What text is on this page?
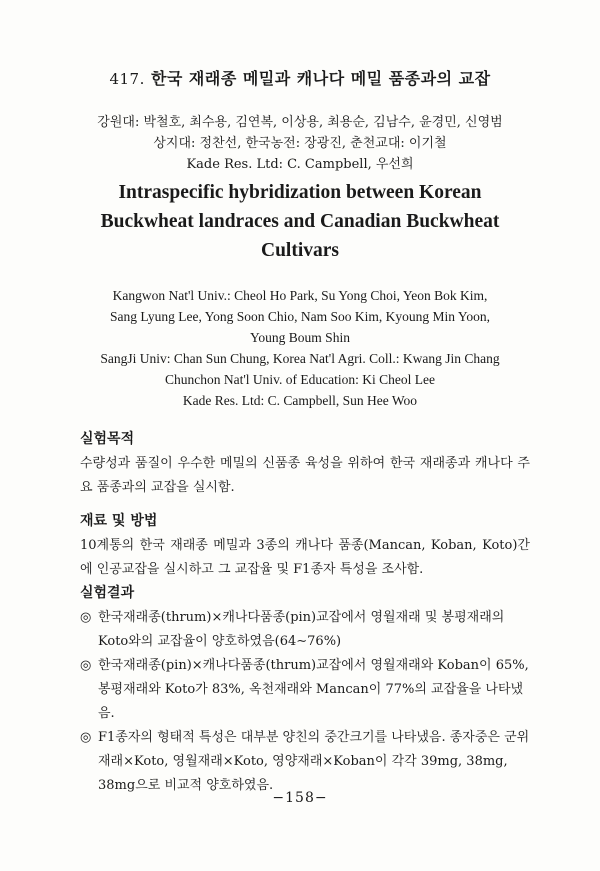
417. 한국 재래종 메밀과 캐나다 메밀 품종과의 교잡
강원대: 박철호, 최수용, 김연복, 이상용, 최용순, 김남수, 윤경민, 신영범
상지대: 정찬선, 한국농전: 장광진, 춘천교대: 이기철
Kade Res. Ltd: C. Campbell, 우선희
Intraspecific hybridization between Korean
Buckwheat landraces and Canadian Buckwheat
Cultivars
Kangwon Nat'l Univ.: Cheol Ho Park, Su Yong Choi, Yeon Bok Kim,
Sang Lyung Lee, Yong Soon Chio, Nam Soo Kim, Kyoung Min Yoon,
Young Boum Shin
SangJi Univ: Chan Sun Chung, Korea Nat'l Agri. Coll.: Kwang Jin Chang
Chunchon Nat'l Univ. of Education: Ki Cheol Lee
Kade Res. Ltd: C. Campbell, Sun Hee Woo
실험목적
수량성과 품질이 우수한 메밀의 신품종 육성을 위하여 한국 재래종과 캐나다 주요 품종과의 교잡을 실시함.
재료 및 방법
10계통의 한국 재래종 메밀과 3종의 캐나다 품종(Mancan, Koban, Koto)간에 인공교잡을 실시하고 그 교잡율 및 F1종자 특성을 조사함.
실험결과
◎ 한국재래종(thrum)×캐나다품종(pin)교잡에서 영월재래 및 봉평재래의 Koto와의 교잡율이 양호하였음(64∼76%)
◎ 한국재래종(pin)×캐나다품종(thrum)교잡에서 영월재래와 Koban이 65%, 봉평재래와 Koto가 83%, 옥천재래와 Mancan이 77%의 교잡율을 나타냈음.
◎ F1종자의 형태적 특성은 대부분 양친의 중간크기를 나타냈음. 종자중은 군위재래×Koto, 영월재래×Koto, 영양재래×Koban이 각각 39mg, 38mg, 38mg으로 비교적 양호하였음.
−158−
